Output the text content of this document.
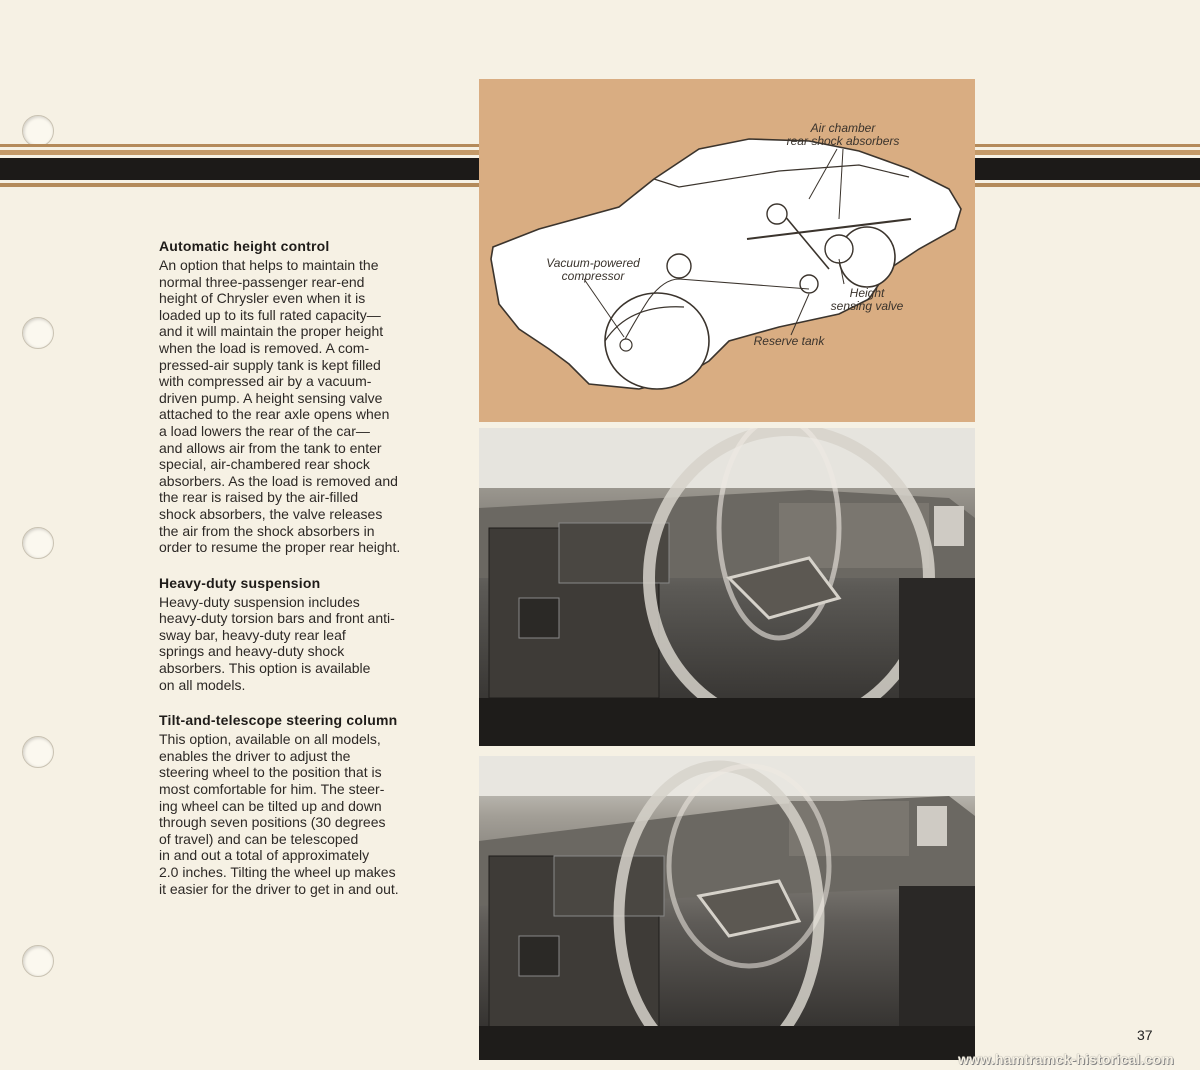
Automatic height control

An option that helps to maintain the
normal three-passenger rear-end
height of Chrysler even when it is
loaded up to its full rated capacity—
and it will maintain the proper height
when the load is removed. A com-
pressed-air supply tank is kept filled
with compressed air by a vacuum-
driven pump. A height sensing valve
attached to the rear axle opens when
a load lowers the rear of the car—
and allows air from the tank to enter
special, air-chambered rear shock
absorbers. As the load is removed and
the rear is raised by the air-filled
shock absorbers, the valve releases
the air from the shock absorbers in
order to resume the proper rear height.

Heavy-duty suspension

Heavy-duty suspension includes
heavy-duty torsion bars and front anti-
sway bar, heavy-duty rear leaf
springs and heavy-duty shock
absorbers. This option is available
on all models.

Tilt-and-telescope steering column

This option, available on all models,
enables the driver to adjust the
steering wheel to the position that is
most comfortable for him. The steer-
ing wheel can be tilted up and down
through seven positions (30 degrees
of travel) and can be telescoped
in and out a total of approximately
2.0 inches. Tilting the wheel up makes
it easier for the driver to get in and out.

Air chamber
rear shock absorbers
Vacuum-powered
compressor
Height
sensing valve
Reserve tank
37
www.hamtramck-historical.com
